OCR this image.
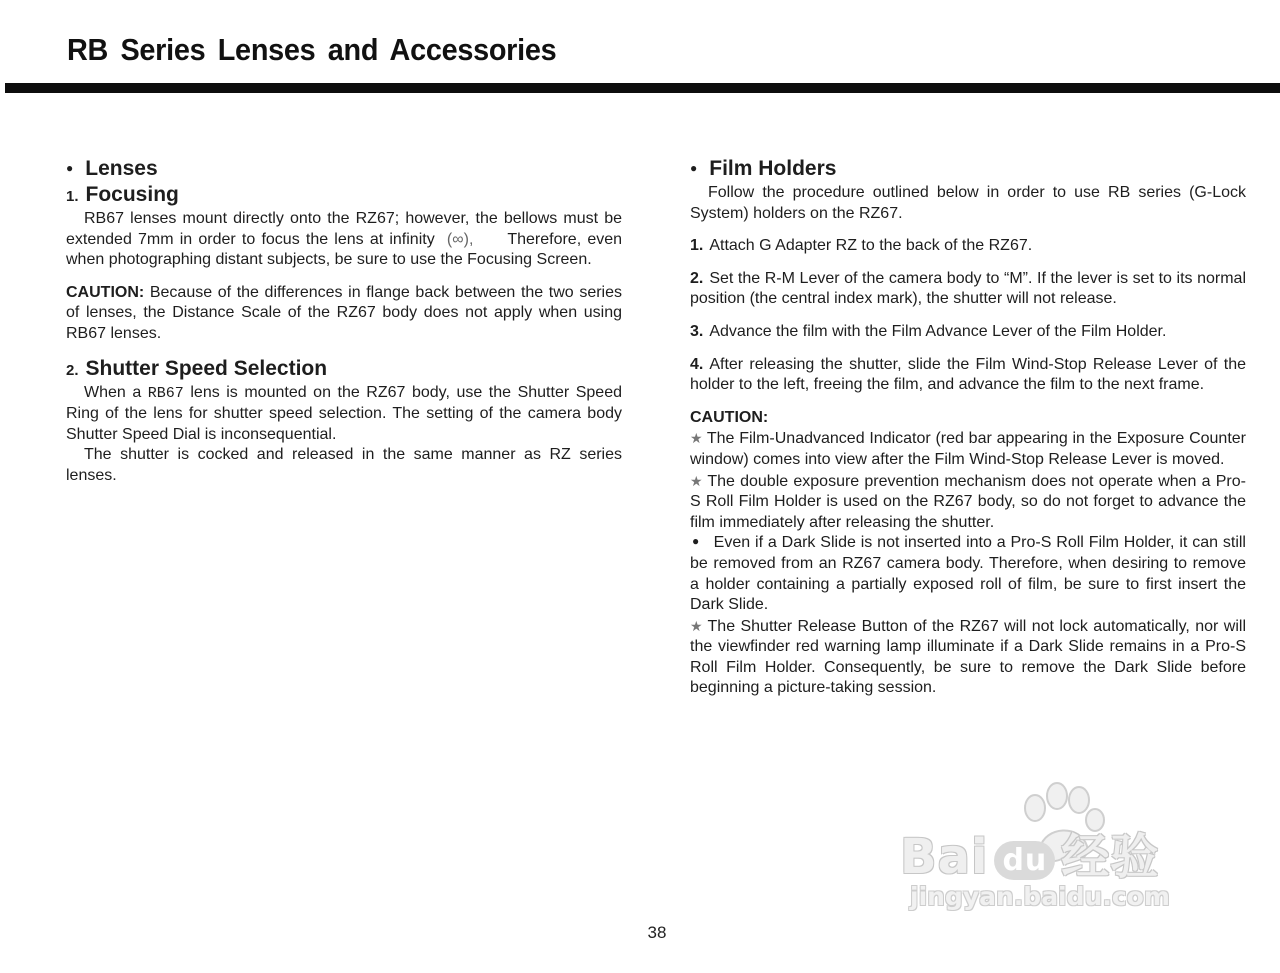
RB Series Lenses and Accessories
● Lenses
1. Focusing

RB67 lenses mount directly onto the RZ67; however, the bellows must be extended 7mm in order to focus the lens at infinity (∞), Therefore, even when photographing distant subjects, be sure to use the Focusing Screen.

CAUTION: Because of the differences in flange back between the two series of lenses, the Distance Scale of the RZ67 body does not apply when using RB67 lenses.

2. Shutter Speed Selection

When a RB67 lens is mounted on the RZ67 body, use the Shutter Speed Ring of the lens for shutter speed selection. The setting of the camera body Shutter Speed Dial is inconsequential.

The shutter is cocked and released in the same manner as RZ series lenses.

● Film Holders

Follow the procedure outlined below in order to use RB series (G-Lock System) holders on the RZ67.

1. Attach G Adapter RZ to the back of the RZ67.

2. Set the R-M Lever of the camera body to “M”. If the lever is set to its normal position (the central index mark), the shutter will not release.

3. Advance the film with the Film Advance Lever of the Film Holder.

4. After releasing the shutter, slide the Film Wind-Stop Release Lever of the holder to the left, freeing the film, and advance the film to the next frame.

CAUTION:

★ The Film-Unadvanced Indicator (red bar appearing in the Exposure Counter window) comes into view after the Film Wind-Stop Release Lever is moved.

★ The double exposure prevention mechanism does not operate when a Pro-S Roll Film Holder is used on the RZ67 body, so do not forget to advance the film immediately after releasing the shutter.

● Even if a Dark Slide is not inserted into a Pro-S Roll Film Holder, it can still be removed from an RZ67 camera body. Therefore, when desiring to remove a holder containing a partially exposed roll of film, be sure to first insert the Dark Slide.

★ The Shutter Release Button of the RZ67 will not lock automatically, nor will the viewfinder red warning lamp illuminate if a Dark Slide remains in a Pro-S Roll Film Holder. Consequently, be sure to remove the Dark Slide before beginning a picture-taking session.

38
Bai du 经验
jingyan.baidu.com
